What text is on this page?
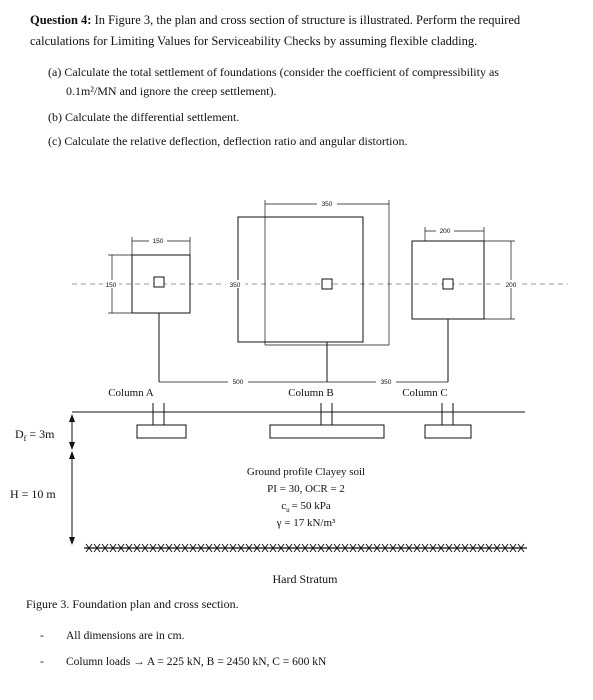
Question 4: In Figure 3, the plan and cross section of structure is illustrated. Perform the required
calculations for Limiting Values for Serviceability Checks by assuming flexible cladding.
(a) Calculate the total settlement of foundations (consider the coefficient of compressibility as
0.1m²/MN and ignore the creep settlement).
(b) Calculate the differential settlement.
(c) Calculate the relative deflection, deflection ratio and angular distortion.
150
150
350
350
200
200
500	350
Column A	Column B	Column C
$D_f = 3m$
H = 10 m
Ground profile Clayey soil
PI = 30, OCR = 2
$c_u = 50$ kPa
γ = 17 kN/m³
Hard Stratum
Figure 3. Foundation plan and cross section.
- All dimensions are in cm.
- Column loads → A = 225 kN, B = 2450 kN, C = 600 kN
